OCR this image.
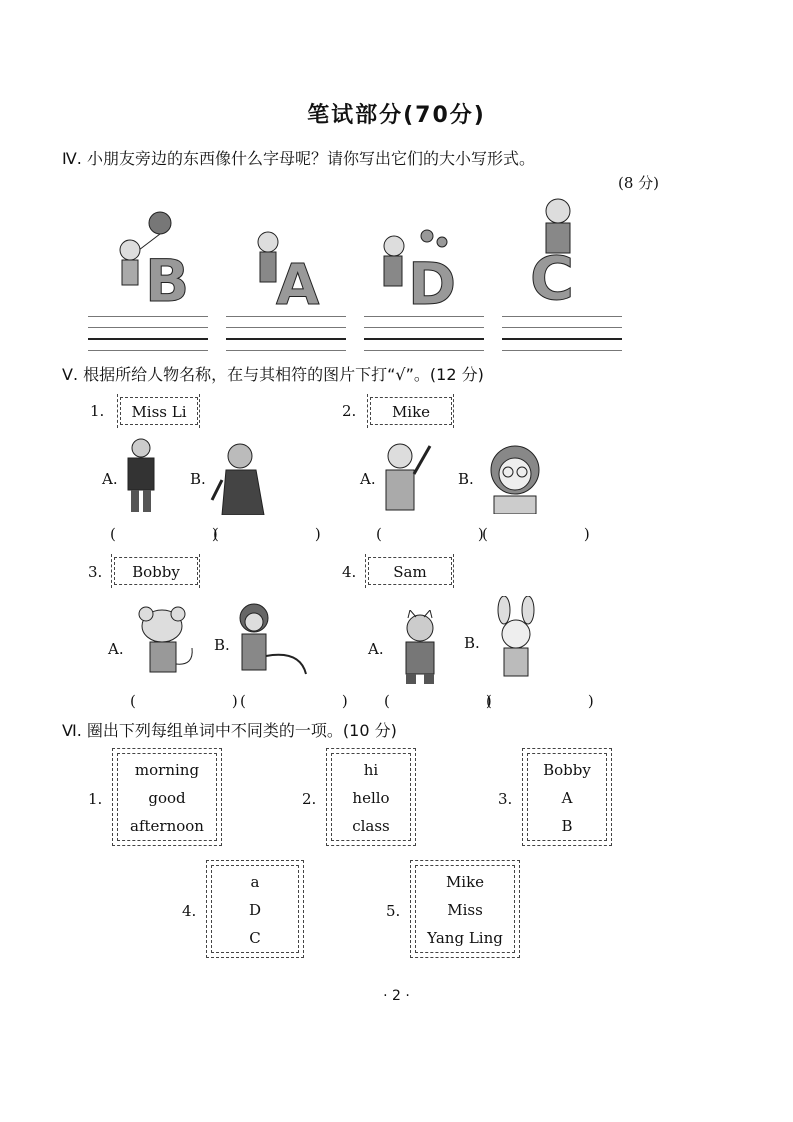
笔试部分(70分)
Ⅳ. 小朋友旁边的东西像什么字母呢？请你写出它们的大小写形式。
(8 分)
B A D C
Ⅴ. 根据所给人物名称，在与其相符的图片下打“√”。(12 分)
1.	Miss Li
A.	B.
(　　)
(　　)
2.	Mike
A.	B.
(　　)
(　　)
3.	Bobby
A.	B.
(　　)
(　　)
4.	Sam
A.	B.
(　　)
(　　)
Ⅵ. 圈出下列每组单词中不同类的一项。(10 分)
1.
morning
good
afternoon
2.
hi
hello
class
3.
Bobby
A
B
4.
a
D
C
5.
Mike
Miss
Yang Ling
· 2 ·
